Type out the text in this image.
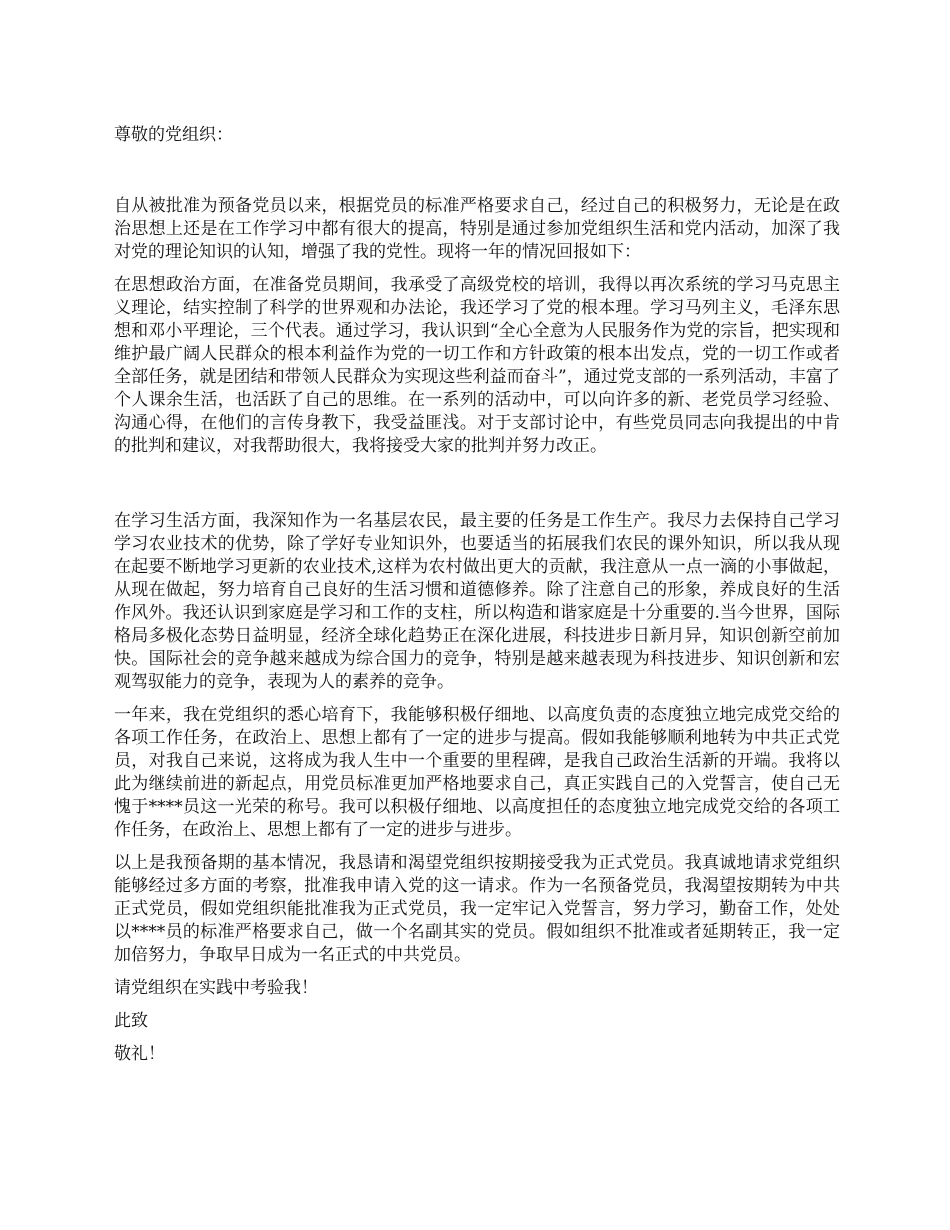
尊敬的党组织：

自从被批准为预备党员以来，根据党员的标准严格要求自己，经过自己的积极努力，无论是在政治思想上还是在工作学习中都有很大的提高，特别是通过参加党组织生活和党内活动，加深了我对党的理论知识的认知，增强了我的党性。现将一年的情况回报如下：

在思想政治方面，在准备党员期间，我承受了高级党校的培训，我得以再次系统的学习马克思主义理论，结实控制了科学的世界观和办法论，我还学习了党的根本理。学习马列主义，毛泽东思想和邓小平理论，三个代表。通过学习，我认识到“全心全意为人民服务作为党的宗旨，把实现和维护最广阔人民群众的根本利益作为党的一切工作和方针政策的根本出发点，党的一切工作或者全部任务，就是团结和带领人民群众为实现这些利益而奋斗”，通过党支部的一系列活动，丰富了个人课余生活，也活跃了自己的思维。在一系列的活动中，可以向许多的新、老党员学习经验、沟通心得，在他们的言传身教下，我受益匪浅。对于支部讨论中，有些党员同志向我提出的中肯的批判和建议，对我帮助很大，我将接受大家的批判并努力改正。

在学习生活方面，我深知作为一名基层农民，最主要的任务是工作生产。我尽力去保持自己学习学习农业技术的优势，除了学好专业知识外，也要适当的拓展我们农民的课外知识，所以我从现在起要不断地学习更新的农业技术,这样为农村做出更大的贡献，我注意从一点一滴的小事做起，从现在做起，努力培育自己良好的生活习惯和道德修养。除了注意自己的形象，养成良好的生活作风外。我还认识到家庭是学习和工作的支柱，所以构造和谐家庭是十分重要的.当今世界，国际格局多极化态势日益明显，经济全球化趋势正在深化进展，科技进步日新月异，知识创新空前加快。国际社会的竞争越来越成为综合国力的竞争，特别是越来越表现为科技进步、知识创新和宏观驾驭能力的竞争，表现为人的素养的竞争。

一年来，我在党组织的悉心培育下，我能够积极仔细地、以高度负责的态度独立地完成党交给的各项工作任务，在政治上、思想上都有了一定的进步与提高。假如我能够顺利地转为中共正式党员，对我自己来说，这将成为我人生中一个重要的里程碑，是我自己政治生活新的开端。我将以此为继续前进的新起点，用党员标准更加严格地要求自己，真正实践自己的入党誓言，使自己无愧于****员这一光荣的称号。我可以积极仔细地、以高度担任的态度独立地完成党交给的各项工作任务，在政治上、思想上都有了一定的进步与进步。

以上是我预备期的基本情况，我恳请和渴望党组织按期接受我为正式党员。我真诚地请求党组织能够经过多方面的考察，批准我申请入党的这一请求。作为一名预备党员，我渴望按期转为中共正式党员，假如党组织能批准我为正式党员，我一定牢记入党誓言，努力学习，勤奋工作，处处以****员的标准严格要求自己，做一个名副其实的党员。假如组织不批准或者延期转正，我一定加倍努力，争取早日成为一名正式的中共党员。

请党组织在实践中考验我！

此致

敬礼！
